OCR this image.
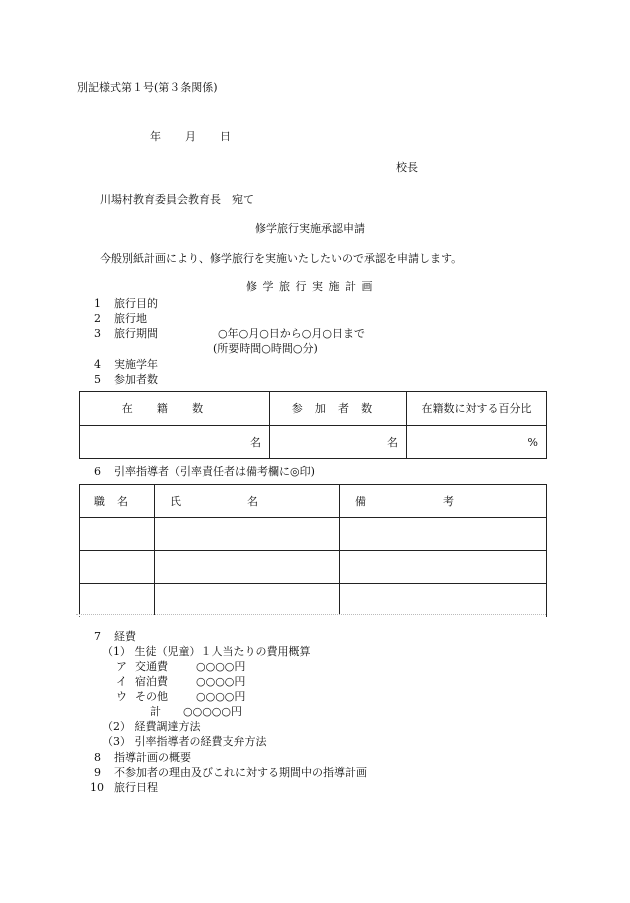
別記様式第１号(第３条関係)
年 月 日
校長
川場村教育委員会教育長　宛て
修学旅行実施承認申請
今般別紙計画により、修学旅行を実施いたしたいので承認を申請します。
修学旅行実施計画
1 旅行目的
2 旅行地
3 旅行期間	○年○月○日から○月○日まで
(所要時間○時間○分)
4 実施学年
5 参加者数
在籍数	参加者数	在籍数に対する百分比
名	名	%
6 引率指導者（引率責任者は備考欄に◎印)
職名	氏名	備考

7 経費
（1） 生徒（児童）１人当たりの費用概算
ア 交通費	○○○○円
イ 宿泊費	○○○○円
ウ その他	○○○○円
計 ○○○○○円
（2） 経費調達方法
（3） 引率指導者の経費支弁方法
8 指導計画の概要
9 不参加者の理由及びこれに対する期間中の指導計画
10 旅行日程
